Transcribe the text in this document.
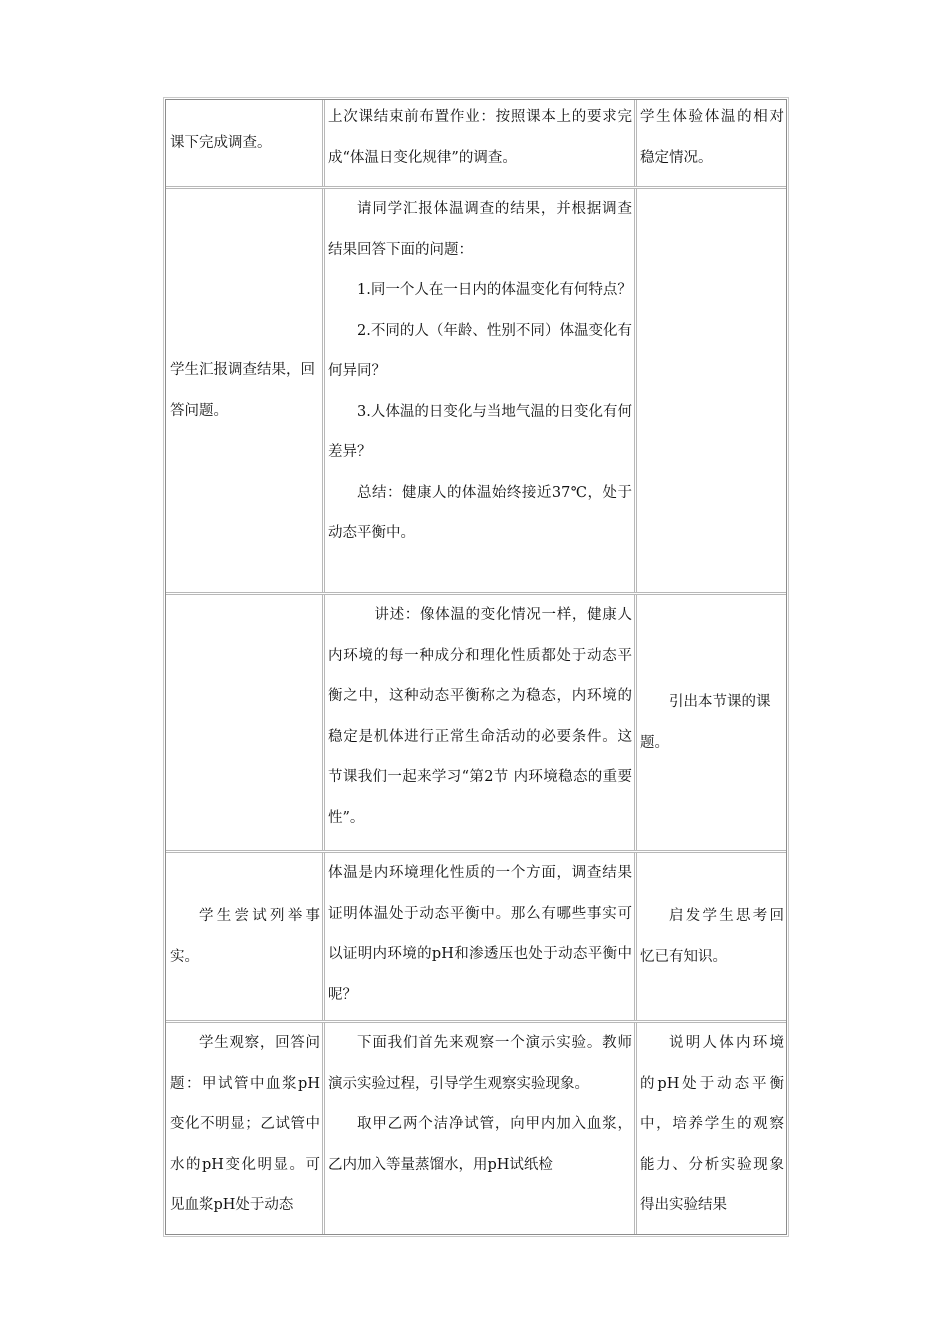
课下完成调查。

上次课结束前布置作业：按照课本上的要求完成“体温日变化规律”的调查。

学生体验体温的相对稳定情况。

学生汇报调查结果，回答问题。

请同学汇报体温调查的结果，并根据调查结果回答下面的问题：

1.同一个人在一日内的体温变化有何特点？

2.不同的人（年龄、性别不同）体温变化有何异同？

3.人体温的日变化与当地气温的日变化有何差异？

总结：健康人的体温始终接近37℃，处于动态平衡中。

讲述：像体温的变化情况一样，健康人内环境的每一种成分和理化性质都处于动态平衡之中，这种动态平衡称之为稳态，内环境的稳定是机体进行正常生命活动的必要条件。这节课我们一起来学习“第2节 内环境稳态的重要性”。

引出本节课的课题。

学生尝试列举事实。

体温是内环境理化性质的一个方面，调查结果证明体温处于动态平衡中。那么有哪些事实可以证明内环境的pH和渗透压也处于动态平衡中呢？

启发学生思考回忆已有知识。

学生观察，回答问题：甲试管中血浆pH变化不明显；乙试管中水的pH变化明显。可见血浆pH处于动态

下面我们首先来观察一个演示实验。教师演示实验过程，引导学生观察实验现象。

取甲乙两个洁净试管，向甲内加入血浆，乙内加入等量蒸馏水，用pH试纸检

说明人体内环境的pH处于动态平衡中，培养学生的观察能力、分析实验现象得出实验结果
